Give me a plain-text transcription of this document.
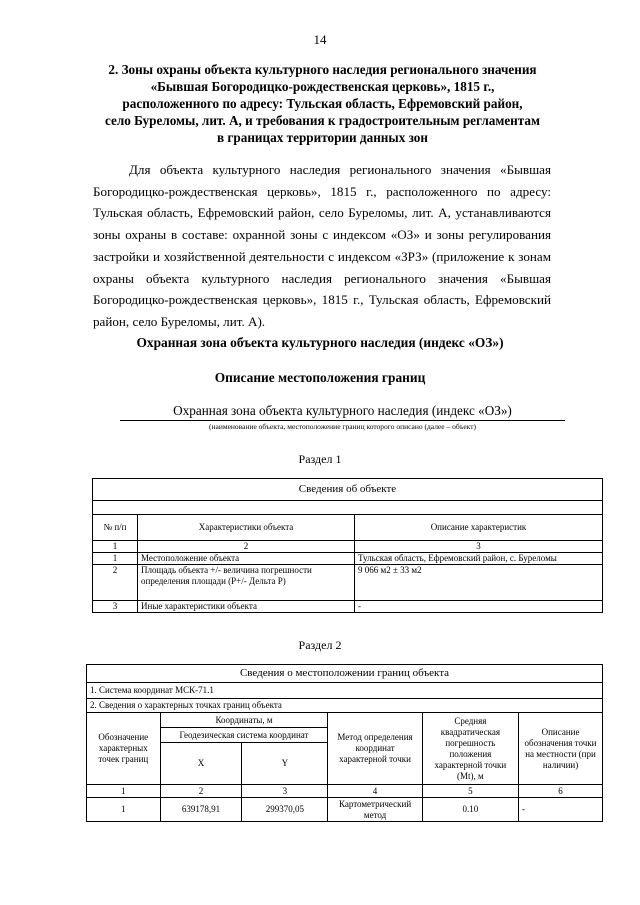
14
2. Зоны охраны объекта культурного наследия регионального значения
«Бывшая Богородицко-рождественская церковь», 1815 г.,
расположенного по адресу: Тульская область, Ефремовский район,
село Буреломы, лит. А, и требования к градостроительным регламентам
в границах территории данных зон

Для объекта культурного наследия регионального значения «Бывшая Богородицко-рождественская церковь», 1815 г., расположенного по адресу: Тульская область, Ефремовский район, село Буреломы, лит. А, устанавливаются зоны охраны в составе: охранной зоны с индексом «ОЗ» и зоны регулирования застройки и хозяйственной деятельности с индексом «ЗРЗ» (приложение к зонам охраны объекта культурного наследия регионального значения «Бывшая Богородицко-рождественская церковь», 1815 г., Тульская область, Ефремовский район, село Буреломы, лит. А).

Охранная зона объекта культурного наследия (индекс «ОЗ»)
Описание местоположения границ
Охранная зона объекта культурного наследия (индекс «ОЗ»)
(наименование объекта, местоположение границ которого описано (далее – объект)
Раздел 1
Сведения об объекте		

№ п/п	Характеристики объекта	Описание характеристик
1	2	3
1	Местоположение объекта	Тульская область, Ефремовский район, с. Буреломы
2	Площадь объекта +/- величина погрешности определения площади (Р+/- Дельта Р)	9 066 м2 ± 33 м2
3	Иные характеристики объекта	-
Раздел 2
Сведения о местоположении границ объекта					
1. Система координат МСК-71.1					
2. Сведения о характерных точках границ объекта					
Обозначение характерных точек границ	Координаты, м		Метод определения координат характерной точки	Средняя квадратическая погрешность положения характерной точки (Mt), м	Описание обозначения точки на местности (при наличии)
	Геодезическая система координат				
	X	Y			
1	2	3	4	5	6
1	639178,91	299370,05	Картометрический метод	0.10	-
